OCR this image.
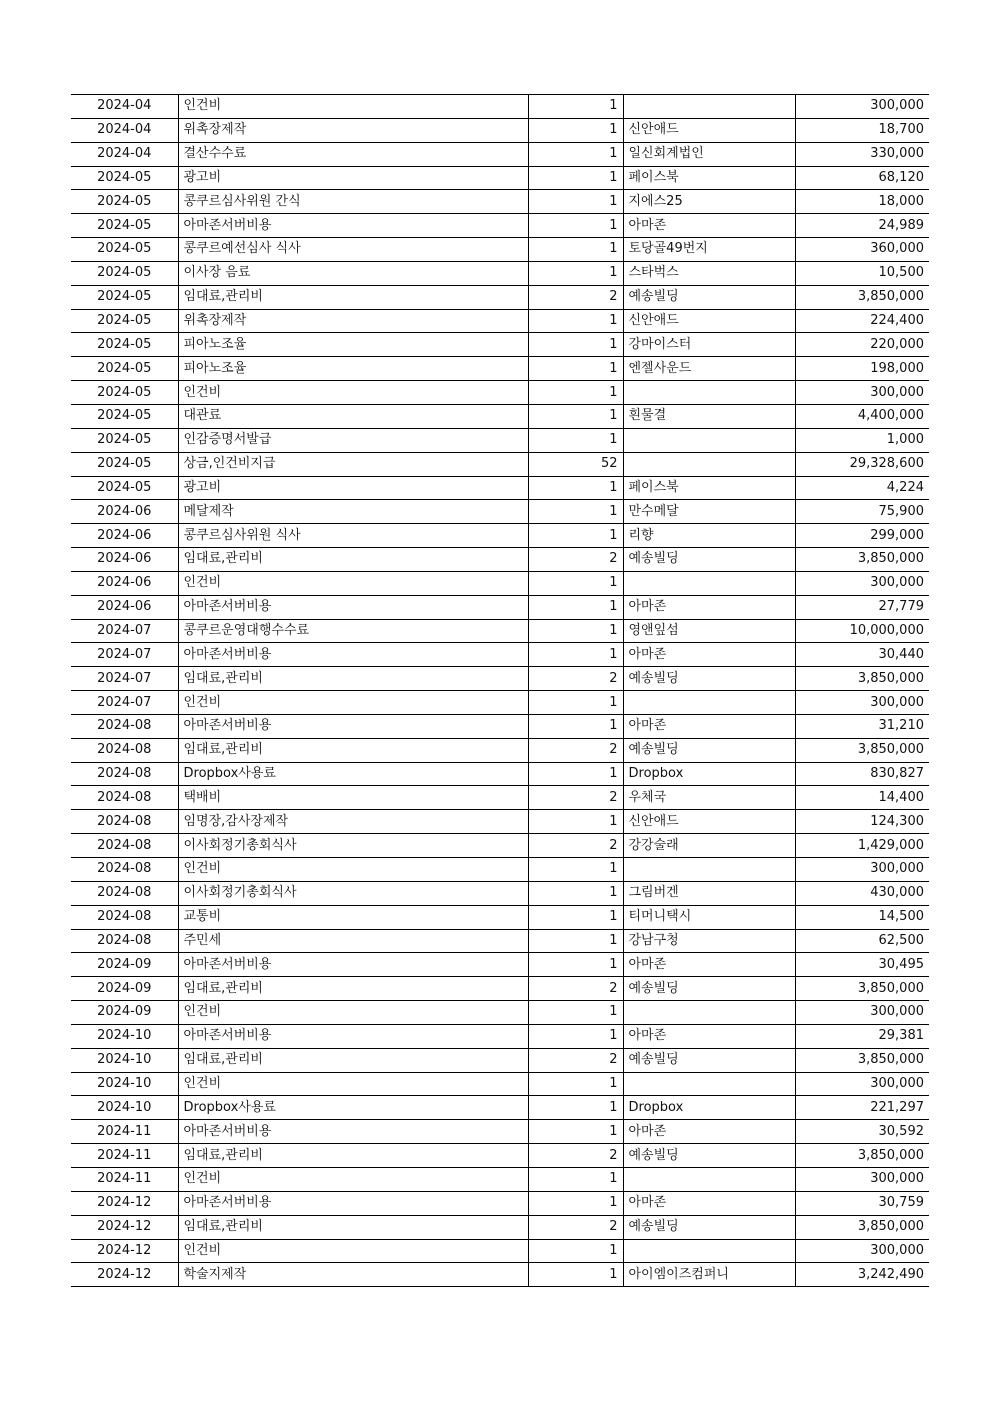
2024-04	인건비	1		300,000
2024-04	위촉장제작	1	신안애드	18,700
2024-04	결산수수료	1	일신회계법인	330,000
2024-05	광고비	1	페이스북	68,120
2024-05	콩쿠르심사위원 간식	1	지에스25	18,000
2024-05	아마존서버비용	1	아마존	24,989
2024-05	콩쿠르예선심사 식사	1	토당골49번지	360,000
2024-05	이사장 음료	1	스타벅스	10,500
2024-05	임대료,관리비	2	예송빌딩	3,850,000
2024-05	위촉장제작	1	신안애드	224,400
2024-05	피아노조율	1	강마이스터	220,000
2024-05	피아노조율	1	엔젤사운드	198,000
2024-05	인건비	1		300,000
2024-05	대관료	1	흰물결	4,400,000
2024-05	인감증명서발급	1		1,000
2024-05	상금,인건비지급	52		29,328,600
2024-05	광고비	1	페이스북	4,224
2024-06	메달제작	1	만수메달	75,900
2024-06	콩쿠르심사위원 식사	1	리향	299,000
2024-06	임대료,관리비	2	예송빌딩	3,850,000
2024-06	인건비	1		300,000
2024-06	아마존서버비용	1	아마존	27,779
2024-07	콩쿠르운영대행수수료	1	영앤잎섬	10,000,000
2024-07	아마존서버비용	1	아마존	30,440
2024-07	임대료,관리비	2	예송빌딩	3,850,000
2024-07	인건비	1		300,000
2024-08	아마존서버비용	1	아마존	31,210
2024-08	임대료,관리비	2	예송빌딩	3,850,000
2024-08	Dropbox사용료	1	Dropbox	830,827
2024-08	택배비	2	우체국	14,400
2024-08	임명장,감사장제작	1	신안애드	124,300
2024-08	이사회정기총회식사	2	강강술래	1,429,000
2024-08	인건비	1		300,000
2024-08	이사회정기총회식사	1	그림버겐	430,000
2024-08	교통비	1	티머니택시	14,500
2024-08	주민세	1	강남구청	62,500
2024-09	아마존서버비용	1	아마존	30,495
2024-09	임대료,관리비	2	예송빌딩	3,850,000
2024-09	인건비	1		300,000
2024-10	아마존서버비용	1	아마존	29,381
2024-10	임대료,관리비	2	예송빌딩	3,850,000
2024-10	인건비	1		300,000
2024-10	Dropbox사용료	1	Dropbox	221,297
2024-11	아마존서버비용	1	아마존	30,592
2024-11	임대료,관리비	2	예송빌딩	3,850,000
2024-11	인건비	1		300,000
2024-12	아마존서버비용	1	아마존	30,759
2024-12	임대료,관리비	2	예송빌딩	3,850,000
2024-12	인건비	1		300,000
2024-12	학술지제작	1	아이엠이즈컴퍼니	3,242,490
